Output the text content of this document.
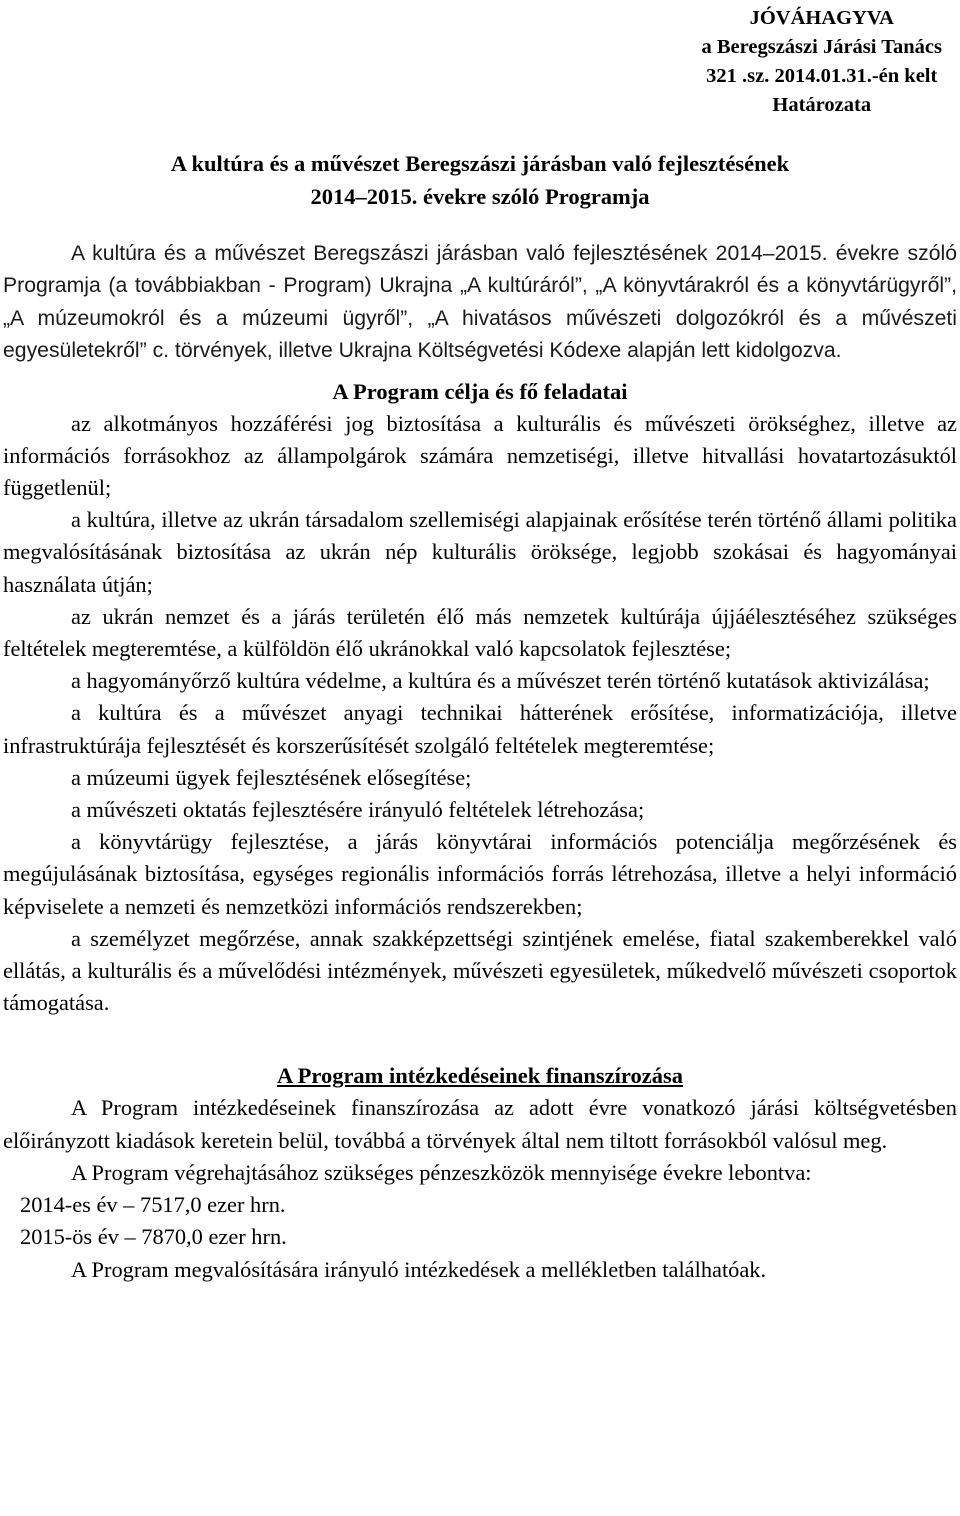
JÓVÁHAGYVA
a Beregszászi Járási Tanács
321 .sz. 2014.01.31.-én kelt
Határozata
A kultúra és a művészet Beregszászi járásban való fejlesztésének
2014–2015. évekre szóló Programja

A kultúra és a művészet Beregszászi járásban való fejlesztésének 2014–2015. évekre szóló Programja (a továbbiakban - Program) Ukrajna „A kultúráról”, „A könyvtárakról és a könyvtárügyről”, „A múzeumokról és a múzeumi ügyről”, „A hivatásos művészeti dolgozókról és a művészeti egyesületekről” c. törvények, illetve Ukrajna Költségvetési Kódexe alapján lett kidolgozva.

A Program célja és fő feladatai

az alkotmányos hozzáférési jog biztosítása a kulturális és művészeti örökséghez, illetve az információs forrásokhoz az állampolgárok számára nemzetiségi, illetve hitvallási hovatartozásuktól függetlenül;

a kultúra, illetve az ukrán társadalom szellemiségi alapjainak erősítése terén történő állami politika megvalósításának biztosítása az ukrán nép kulturális öröksége, legjobb szokásai és hagyományai használata útján;

az ukrán nemzet és a járás területén élő más nemzetek kultúrája újjáélesztéséhez szükséges feltételek megteremtése, a külföldön élő ukránokkal való kapcsolatok fejlesztése;

a hagyományőrző kultúra védelme, a kultúra és a művészet terén történő kutatások aktivizálása;

a kultúra és a művészet anyagi technikai hátterének erősítése, informatizációja, illetve infrastruktúrája fejlesztését és korszerűsítését szolgáló feltételek megteremtése;

a múzeumi ügyek fejlesztésének elősegítése;

a művészeti oktatás fejlesztésére irányuló feltételek létrehozása;

a könyvtárügy fejlesztése, a járás könyvtárai információs potenciálja megőrzésének és megújulásának biztosítása, egységes regionális információs forrás létrehozása, illetve a helyi információ képviselete a nemzeti és nemzetközi információs rendszerekben;

a személyzet megőrzése, annak szakképzettségi szintjének emelése, fiatal szakemberekkel való ellátás, a kulturális és a művelődési intézmények, művészeti egyesületek, műkedvelő művészeti csoportok támogatása.

A Program intézkedéseinek finanszírozása

A Program intézkedéseinek finanszírozása az adott évre vonatkozó járási költségvetésben előirányzott kiadások keretein belül, továbbá a törvények által nem tiltott forrásokból valósul meg.

A Program végrehajtásához szükséges pénzeszközök mennyisége évekre lebontva:

2014-es év – 7517,0 ezer hrn.

2015-ös év – 7870,0 ezer hrn.

A Program megvalósítására irányuló intézkedések a mellékletben találhatóak.
